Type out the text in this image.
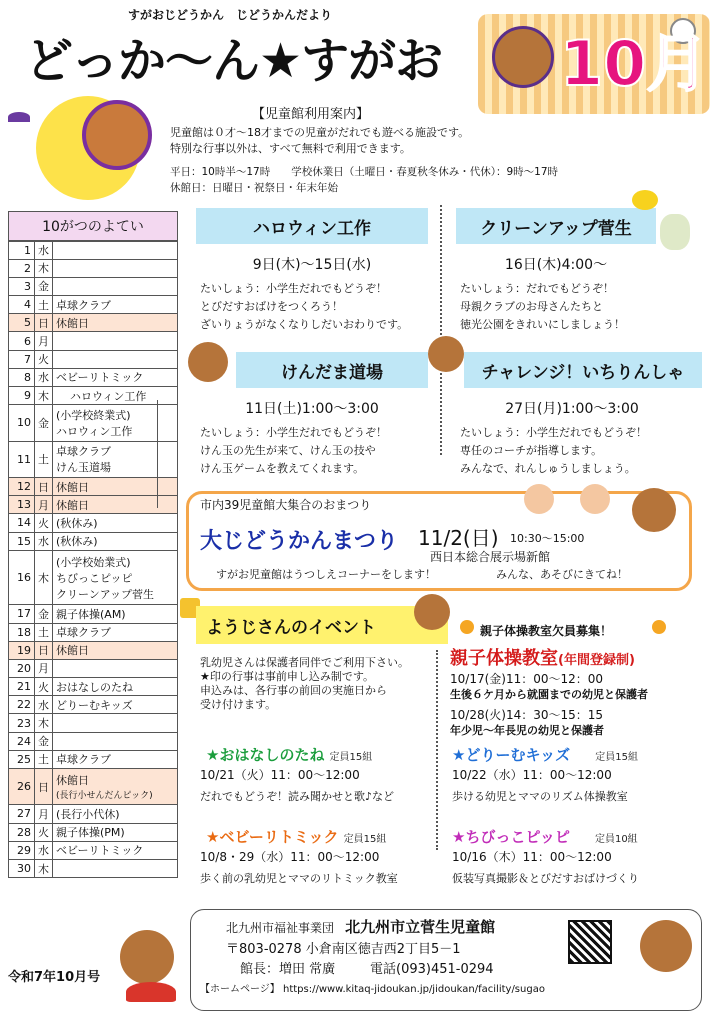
すがおじどうかん　じどうかんだより
どっか～ん★すがお 10月
【児童館利用案内】
児童館は０才～18才までの児童がだれでも遊べる施設です。
特別な行事以外は、すべて無料で利用できます。
平日：10時半～17時　　学校休業日（土曜日・春夏秋冬休み・代休）：9時～17時
休館日：日曜日・祝祭日・年末年始

1	水	

2	木	

3	金	

4	土	卓球クラブ

5	日	休館日

6	月	

7	火	

8	水	ベビーリトミック

9	木	ハロウィン工作

10	金	(小学校終業式)
ハロウィン工作

11	土	卓球クラブ
けん玉道場

12	日	休館日

13	月	休館日

14	火	(秋休み)

15	水	(秋休み)

16	木	(小学校始業式)
ちびっこピッピ
クリーンアップ菅生

17	金	親子体操(AM)

18	土	卓球クラブ

19	日	休館日

20	月	

21	火	おはなしのたね

22	水	どりーむキッズ

23	木	

24	金	

25	土	卓球クラブ

26	日	休館日
(長行小せんだんピック)

27	月	(長行小代休)

28	火	親子体操(PM)

29	水	ベビーリトミック

30	木	
10がつのよてい	ハロウィン工作
9日(木)～15日(水)
たいしょう：小学生だれでもどうぞ！
とびだすおばけをつくろう！
ざいりょうがなくなりしだいおわりです。
クリーンアップ菅生
16日(木)4:00～
たいしょう：だれでもどうぞ！
母親クラブのお母さんたちと
徳光公園をきれいにしましょう！
けんだま道場
11日(土)1:00～3:00
たいしょう：小学生だれでもどうぞ！
けん玉の先生が来て、けん玉の技や
けん玉ゲームを教えてくれます。
チャレンジ！いちりんしゃ
27日(月)1:00～3:00
たいしょう：小学生だれでもどうぞ！
専任のコーチが指導します。
みんなで、れんしゅうしましょう。
市内39児童館大集合のおまつり
大じどうかんまつり 11/2(日) 10:30～15:00
西日本総合展示場新館
すがお児童館はうつしえコーナーをします！	みんな、あそびにきてね！
ようじさんのイベント
乳幼児さんは保護者同伴でご利用下さい。
★印の行事は事前申し込み制です。
申込みは、各行事の前回の実施日から
受け付けます。
親子体操教室欠員募集！
親子体操教室(年間登録制)
10/17(金)11：00～12：00
生後６ケ月から就園までの幼児と保護者
10/28(火)14：30～15：15
年少児～年長児の幼児と保護者
★おはなしのたね 定員15組
10/21（火）11：00～12:00
だれでもどうぞ！読み聞かせと歌♪など
★どりーむキッズ	定員15組
10/22（水）11：00～12:00
歩ける幼児とママのリズム体操教室
★ベビーリトミック 定員15組
10/8・29（水）11：00～12:00
歩く前の乳幼児とママのリトミック教室
★ちびっこピッピ	定員10組
10/16（木）11：00～12:00
仮装写真撮影＆とびだすおばけづくり
令和7年10月号
北九州市福祉事業団 北九州市立菅生児童館
〒803-0278 小倉南区徳吉西2丁目5－1
館長：増田 常廣	電話(093)451-0294
【ホームページ】 https://www.kitaq-jidoukan.jp/jidoukan/facility/sugao
